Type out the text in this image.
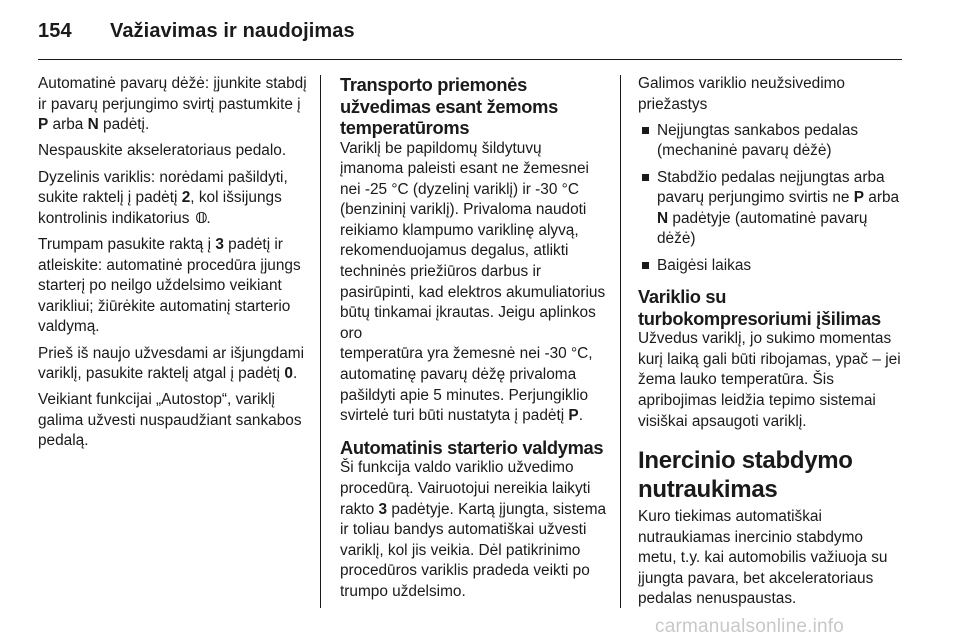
154 Važiavimas ir naudojimas

Automatinė pavarų dėžė: įjunkite stabdį ir pavarų perjungimo svirtį pastumkite į P arba N padėtį.

Nespauskite akseleratoriaus pedalo.

Dyzelinis variklis: norėdami pašildyti, sukite raktelį į padėtį 2, kol išsijungs kontrolinis indikatorius 𝟘.

Trumpam pasukite raktą į 3 padėtį ir atleiskite: automatinė procedūra įjungs starterį po neilgo uždelsimo veikiant varikliui; žiūrėkite automatinį starterio valdymą.

Prieš iš naujo užvesdami ar išjungdami variklį, pasukite raktelį atgal į padėtį 0.

Veikiant funkcijai „Autostop“, variklį galima užvesti nuspaudžiant sankabos pedalą.

Transporto priemonės užvedimas esant žemoms temperatūroms

Variklį be papildomų šildytuvų įmanoma paleisti esant ne žemesnei nei -25 °C (dyzelinį variklį) ir -30 °C (benzininį variklį). Privaloma naudoti reikiamo klampumo variklinę alyvą, rekomenduojamus degalus, atlikti techninės priežiūros darbus ir pasirūpinti, kad elektros akumuliatorius būtų tinkamai įkrautas. Jeigu aplinkos oro

temperatūra yra žemesnė nei -30 °C, automatinę pavarų dėžę privaloma pašildyti apie 5 minutes. Perjungiklio svirtelė turi būti nustatyta į padėtį P.

Automatinis starterio valdymas

Ši funkcija valdo variklio užvedimo procedūrą. Vairuotojui nereikia laikyti rakto 3 padėtyje. Kartą įjungta, sistema ir toliau bandys automatiškai užvesti variklį, kol jis veikia. Dėl patikrinimo procedūros variklis pradeda veikti po trumpo uždelsimo.

Galimos variklio neužsivedimo priežastys

Neįjungtas sankabos pedalas (mechaninė pavarų dėžė)
Stabdžio pedalas neįjungtas arba pavarų perjungimo svirtis ne P arba N padėtyje (automatinė pavarų dėžė)
Baigėsi laikas
Variklio su turbokompresoriumi įšilimas

Užvedus variklį, jo sukimo momentas kurį laiką gali būti ribojamas, ypač – jei žema lauko temperatūra. Šis apribojimas leidžia tepimo sistemai visiškai apsaugoti variklį.

Inercinio stabdymo nutraukimas

Kuro tiekimas automatiškai nutraukiamas inercinio stabdymo metu, t.y. kai automobilis važiuoja su įjungta pavara, bet akceleratoriaus pedalas nenuspaustas.

carmanualsonline.info
